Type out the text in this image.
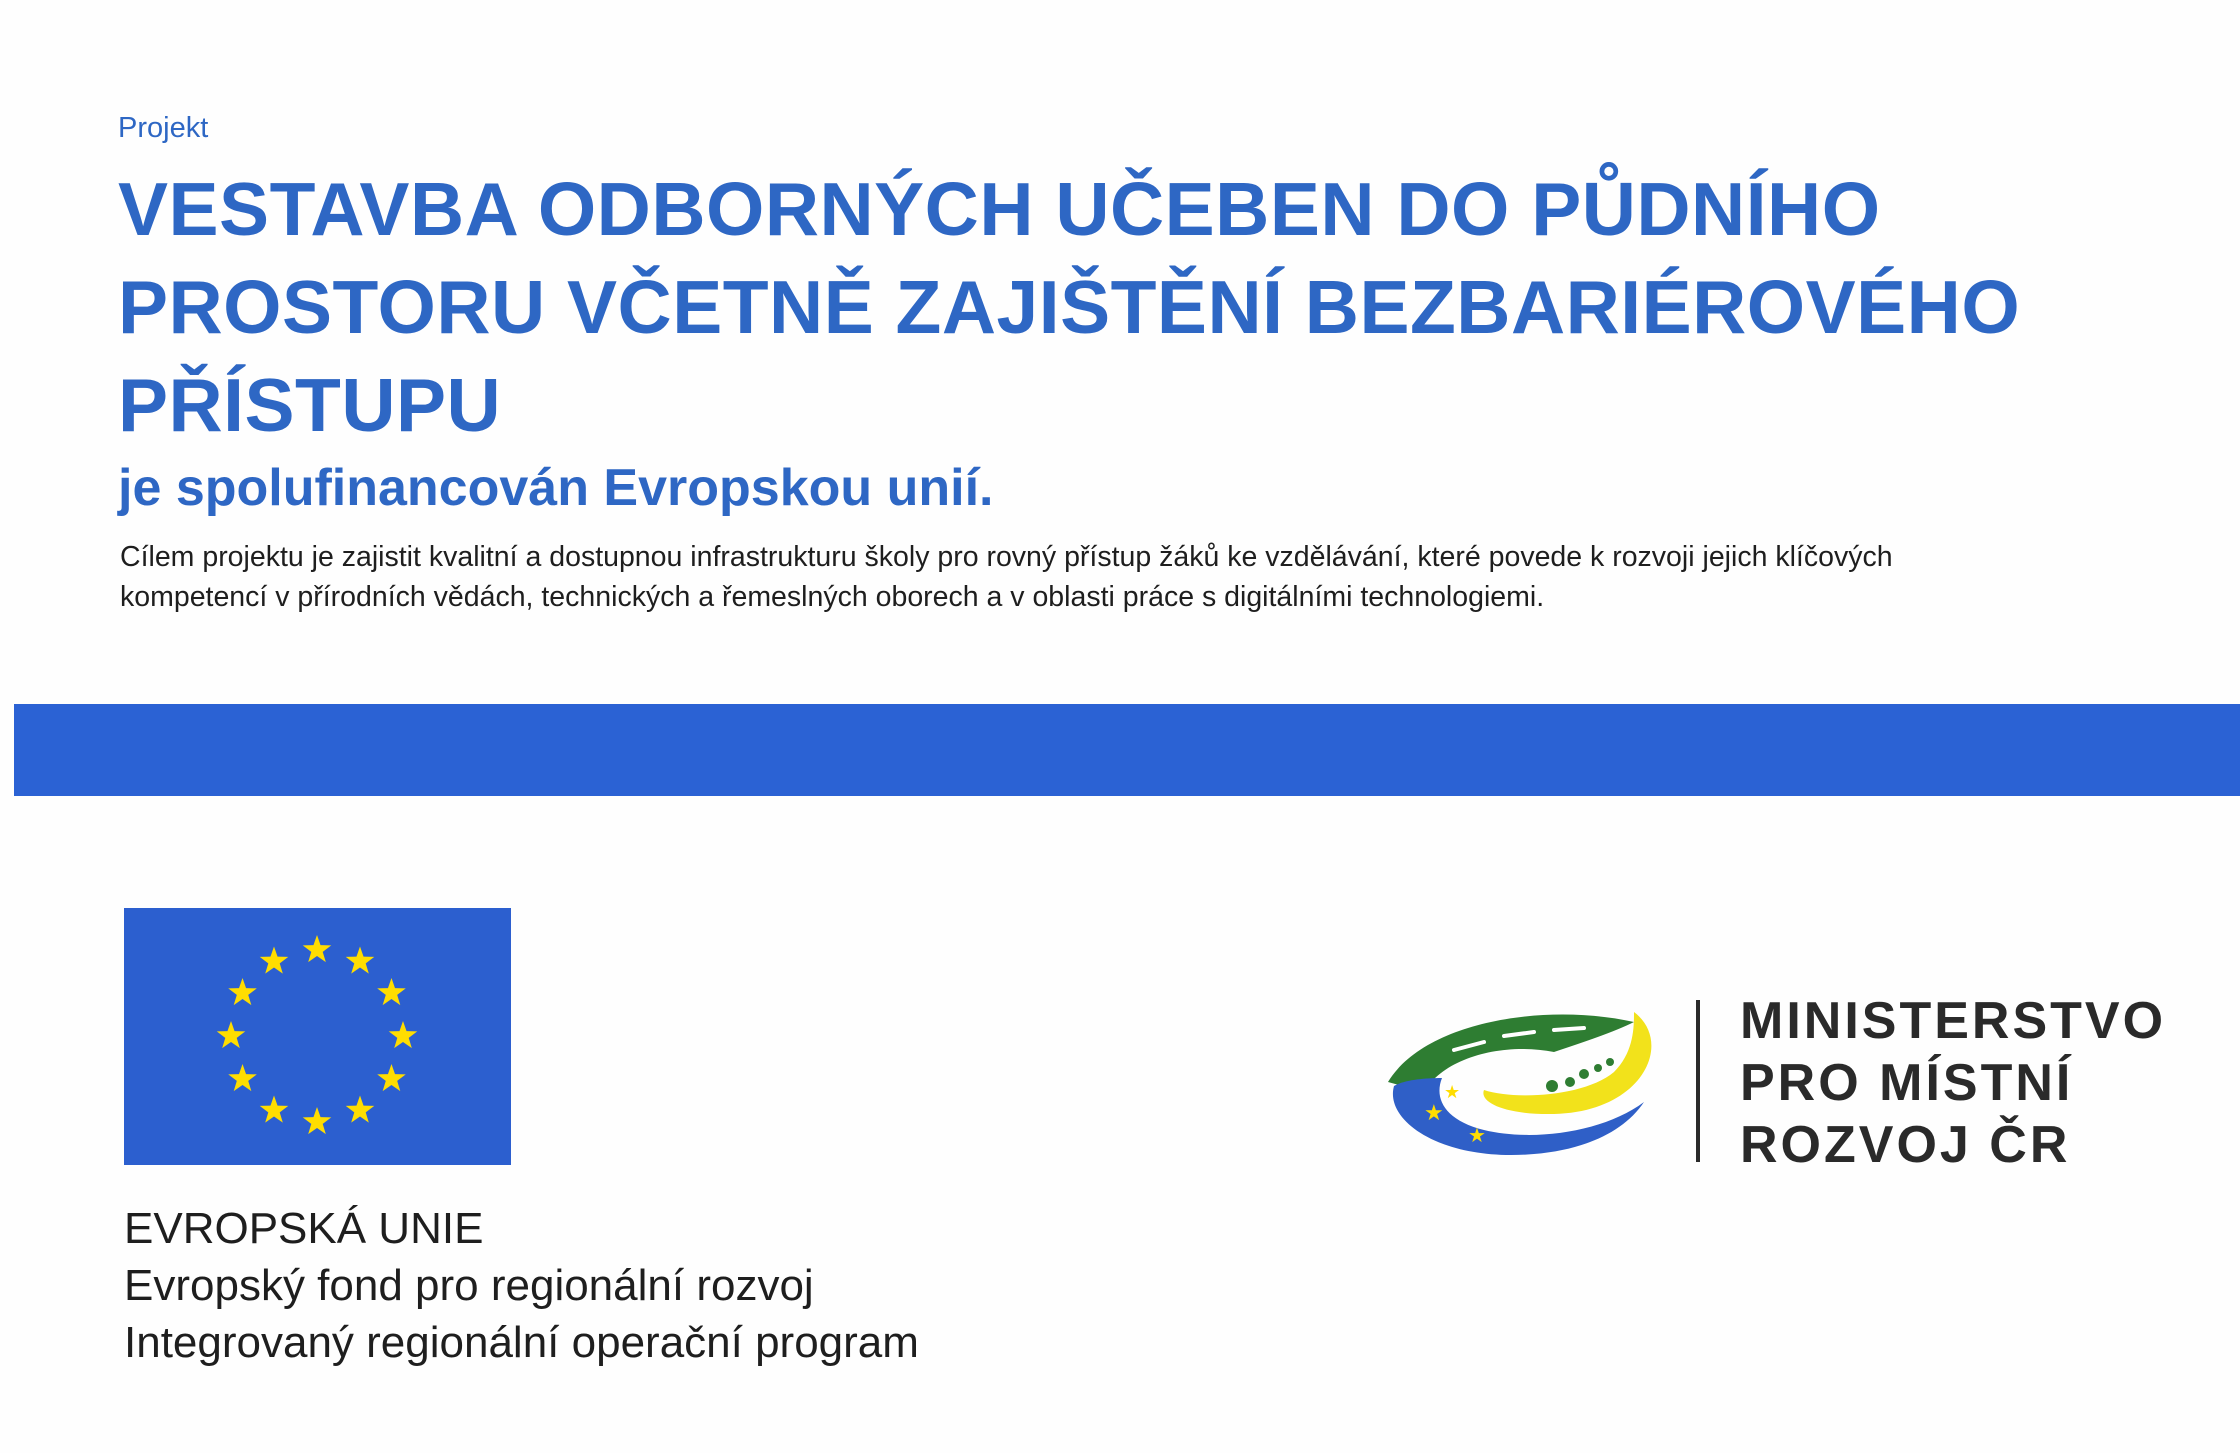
Projekt
VESTAVBA ODBORNÝCH UČEBEN DO PŮDNÍHO
PROSTORU VČETNĚ ZAJIŠTĚNÍ BEZBARIÉROVÉHO
PŘÍSTUPU
je spolufinancován Evropskou unií.
Cílem projektu je zajistit kvalitní a dostupnou infrastrukturu školy pro rovný přístup žáků ke vzdělávání, které povede k rozvoji jejich klíčových
kompetencí v přírodních vědách, technických a řemeslných oborech a v oblasti práce s digitálními technologiemi.
EVROPSKÁ UNIE
Evropský fond pro regionální rozvoj
Integrovaný regionální operační program
★
★
★
MINISTERSTVO
PRO MÍSTNÍ
ROZVOJ ČR
